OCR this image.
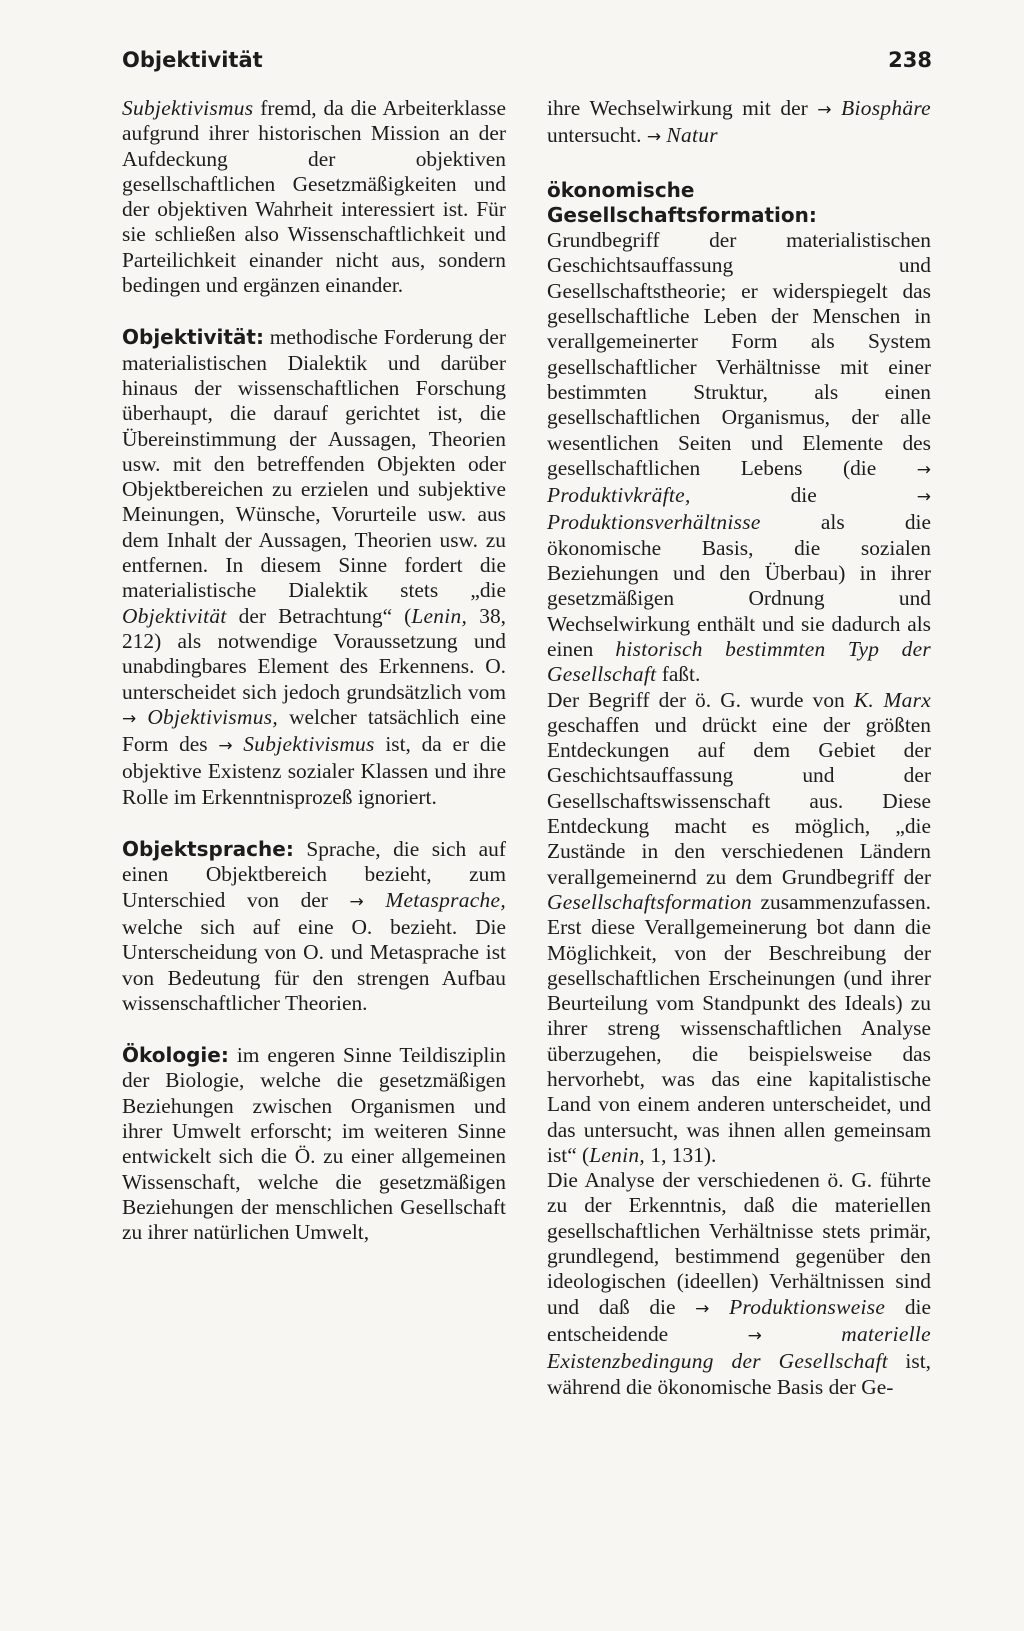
Objektivität	238

Subjektivismus fremd, da die Arbeiterklasse aufgrund ihrer historischen Mission an der Aufdeckung der objektiven gesellschaftlichen Gesetzmäßigkeiten und der objektiven Wahrheit interessiert ist. Für sie schließen also Wissenschaftlichkeit und Parteilichkeit einander nicht aus, sondern bedingen und ergänzen einander.

Objektivität: methodische Forderung der materialistischen Dialektik und darüber hinaus der wissenschaftlichen Forschung überhaupt, die darauf gerichtet ist, die Übereinstimmung der Aussagen, Theorien usw. mit den betreffenden Objekten oder Objektbereichen zu erzielen und subjektive Meinungen, Wünsche, Vorurteile usw. aus dem Inhalt der Aussagen, Theorien usw. zu entfernen. In diesem Sinne fordert die materialistische Dialektik stets „die Objektivität der Betrachtung“ (Lenin, 38, 212) als notwendige Voraussetzung und unabdingbares Element des Erkennens. O. unterscheidet sich jedoch grundsätzlich vom → Objektivismus, welcher tatsächlich eine Form des → Subjektivismus ist, da er die objektive Existenz sozialer Klassen und ihre Rolle im Erkenntnisprozeß ignoriert.

Objektsprache: Sprache, die sich auf einen Objektbereich bezieht, zum Unterschied von der → Metasprache, welche sich auf eine O. bezieht. Die Unterscheidung von O. und Metasprache ist von Bedeutung für den strengen Aufbau wissenschaftlicher Theorien.

Ökologie: im engeren Sinne Teildisziplin der Biologie, welche die gesetzmäßigen Beziehungen zwischen Organismen und ihrer Umwelt erforscht; im weiteren Sinne entwickelt sich die Ö. zu einer allgemeinen Wissenschaft, welche die gesetzmäßigen Beziehungen der menschlichen Gesellschaft zu ihrer natürlichen Umwelt,

ihre Wechselwirkung mit der → Biosphäre untersucht. → Natur

ökonomische Gesellschaftsformation: Grundbegriff der materialistischen Geschichtsauffassung und Gesellschaftstheorie; er widerspiegelt das gesellschaftliche Leben der Menschen in verallgemeinerter Form als System gesellschaftlicher Verhältnisse mit einer bestimmten Struktur, als einen gesellschaftlichen Organismus, der alle wesentlichen Seiten und Elemente des gesellschaftlichen Lebens (die → Produktivkräfte, die → Produktionsverhältnisse als die ökonomische Basis, die sozialen Beziehungen und den Überbau) in ihrer gesetzmäßigen Ordnung und Wechselwirkung enthält und sie dadurch als einen historisch bestimmten Typ der Gesellschaft faßt.

Der Begriff der ö. G. wurde von K. Marx geschaffen und drückt eine der größten Entdeckungen auf dem Gebiet der Geschichtsauffassung und der Gesellschaftswissenschaft aus. Diese Entdeckung macht es möglich, „die Zustände in den verschiedenen Ländern verallgemeinernd zu dem Grundbegriff der Gesellschaftsformation zusammenzufassen. Erst diese Verallgemeinerung bot dann die Möglichkeit, von der Beschreibung der gesellschaftlichen Erscheinungen (und ihrer Beurteilung vom Standpunkt des Ideals) zu ihrer streng wissenschaftlichen Analyse überzugehen, die beispielsweise das hervorhebt, was das eine kapitalistische Land von einem anderen unterscheidet, und das untersucht, was ihnen allen gemeinsam ist“ (Lenin, 1, 131).

Die Analyse der verschiedenen ö. G. führte zu der Erkenntnis, daß die materiellen gesellschaftlichen Verhältnisse stets primär, grundlegend, bestimmend gegenüber den ideologischen (ideellen) Verhältnissen sind und daß die → Produktionsweise die entscheidende →	materielle Existenzbedingung der Gesellschaft ist, während die ökonomische Basis der Ge-
